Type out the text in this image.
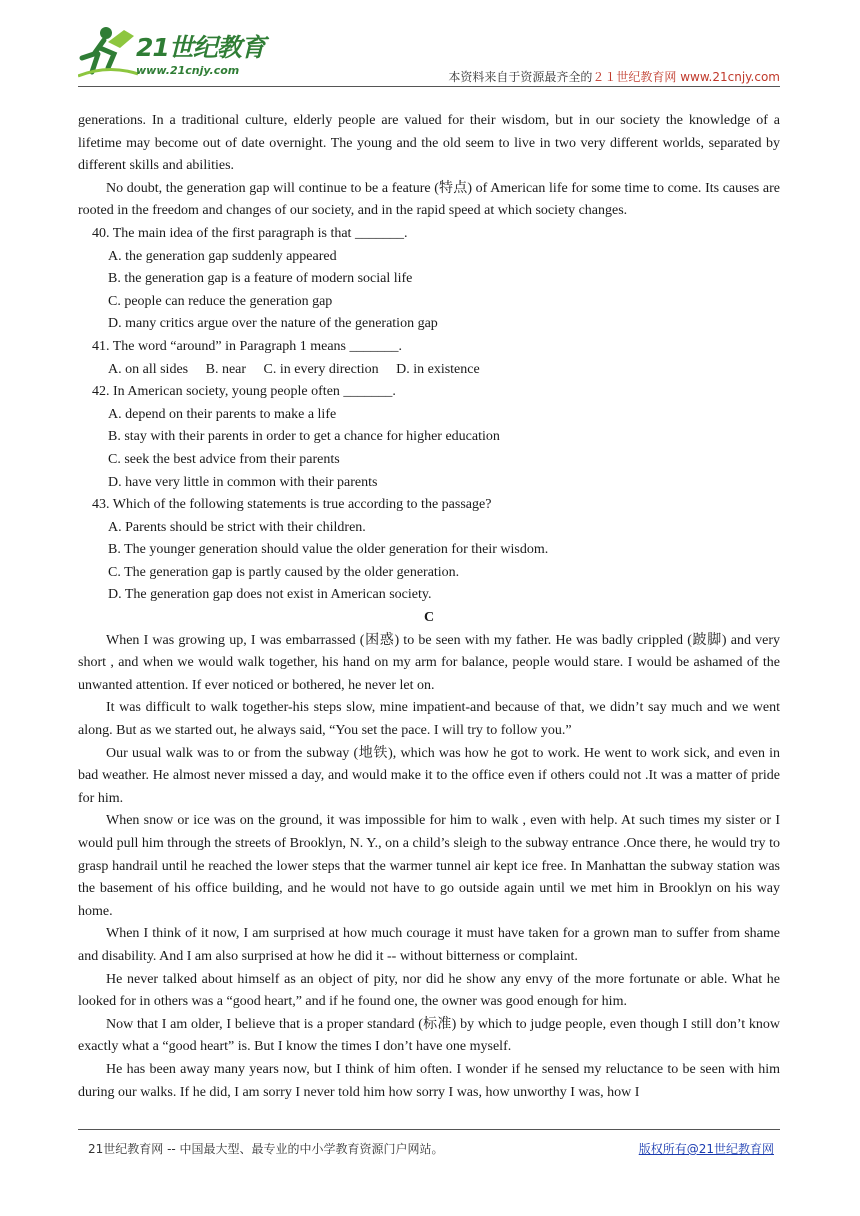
21世纪教育
www.21cnjy.com	本资料来自于资源最齐全的２１世纪教育网 www.21cnjy.com

generations. In a traditional culture, elderly people are valued for their wisdom, but in our society the knowledge of a lifetime may become out of date overnight. The young and the old seem to live in two very different worlds, separated by different skills and abilities.

No doubt, the generation gap will continue to be a feature (特点) of American life for some time to come. Its causes are rooted in the freedom and changes of our society, and in the rapid speed at which society changes.

40. The main idea of the first paragraph is that _______.

A. the generation gap suddenly appeared

B. the generation gap is a feature of modern social life

C. people can reduce the generation gap

D. many critics argue over the nature of the generation gap

41. The word “around” in Paragraph 1 means _______.

A. on all sides     B. near     C. in every direction     D. in existence

42. In American society, young people often _______.

A. depend on their parents to make a life

B. stay with their parents in order to get a chance for higher education

C. seek the best advice from their parents

D. have very little in common with their parents

43. Which of the following statements is true according to the passage?

A. Parents should be strict with their children.

B. The younger generation should value the older generation for their wisdom.

C. The generation gap is partly caused by the older generation.

D. The generation gap does not exist in American society.

C

When I was growing up, I was embarrassed (困惑) to be seen with my father. He was badly crippled (跛脚) and very short , and when we would walk together, his hand on my arm for balance, people would stare. I would be ashamed of the unwanted attention. If ever noticed or bothered, he never let on.

It was difficult to walk together-his steps slow, mine impatient-and because of that, we didn’t say much and we went along. But as we started out, he always said, “You set the pace. I will try to follow you.”

Our usual walk was to or from the subway (地铁), which was how he got to work. He went to work sick, and even in bad weather. He almost never missed a day, and would make it to the office even if others could not .It was a matter of pride for him.

When snow or ice was on the ground, it was impossible for him to walk , even with help. At such times my sister or I would pull him through the streets of Brooklyn, N. Y., on a child’s sleigh to the subway entrance .Once there, he would try to grasp handrail until he reached the lower steps that the warmer tunnel air kept ice free. In Manhattan the subway station was the basement of his office building, and he would not have to go outside again until we met him in Brooklyn on his way home.

When I think of it now, I am surprised at how much courage it must have taken for a grown man to suffer from shame and disability. And I am also surprised at how he did it -- without bitterness or complaint.

He never talked about himself as an object of pity, nor did he show any envy of the more fortunate or able. What he looked for in others was a “good heart,” and if he found one, the owner was good enough for him.

Now that I am older, I believe that is a proper standard (标准) by which to judge people, even though I still don’t know exactly what a “good heart” is. But I know the times I don’t have one myself.

He has been away many years now, but I think of him often. I wonder if he sensed my reluctance to be seen with him during our walks. If he did, I am sorry I never told him how sorry I was, how unworthy I was, how I

21世纪教育网 -- 中国最大型、最专业的中小学教育资源门户网站。	版权所有@21世纪教育网
